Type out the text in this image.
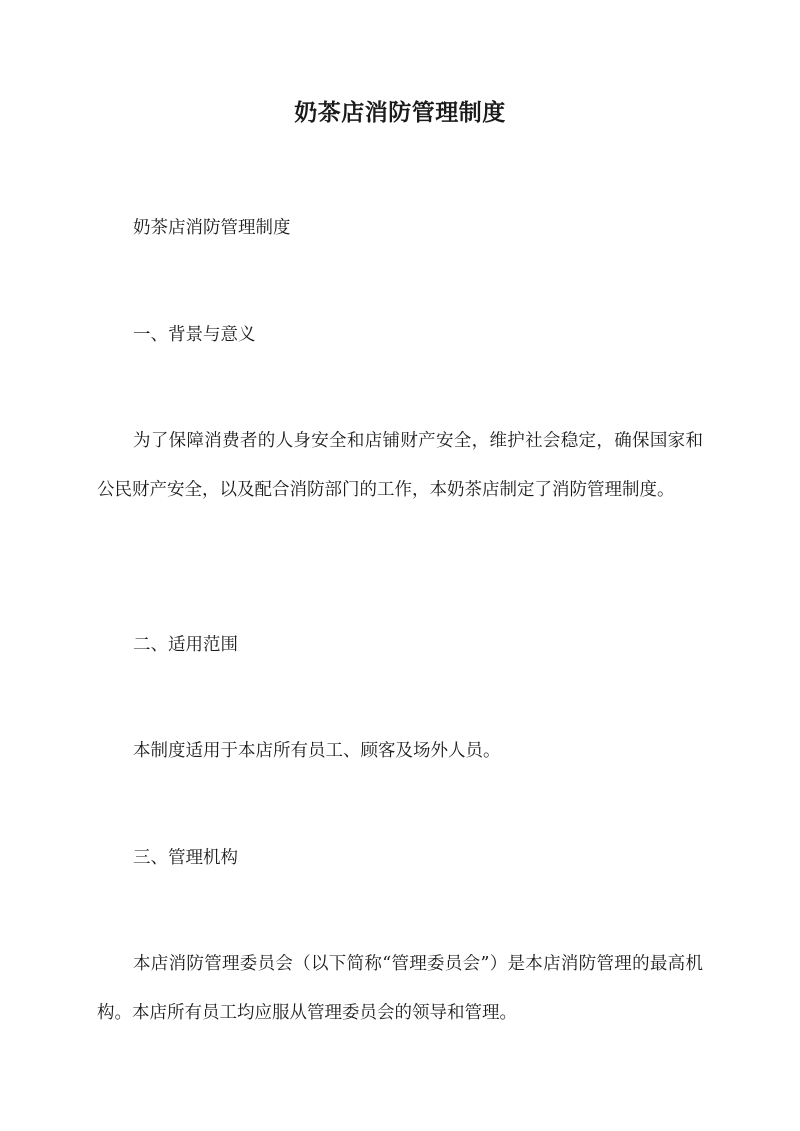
奶茶店消防管理制度

奶茶店消防管理制度

一、背景与意义

为了保障消费者的人身安全和店铺财产安全，维护社会稳定，确保国家和公民财产安全，以及配合消防部门的工作，本奶茶店制定了消防管理制度。

二、适用范围

本制度适用于本店所有员工、顾客及场外人员。

三、管理机构

本店消防管理委员会（以下简称“管理委员会”）是本店消防管理的最高机构。本店所有员工均应服从管理委员会的领导和管理。
